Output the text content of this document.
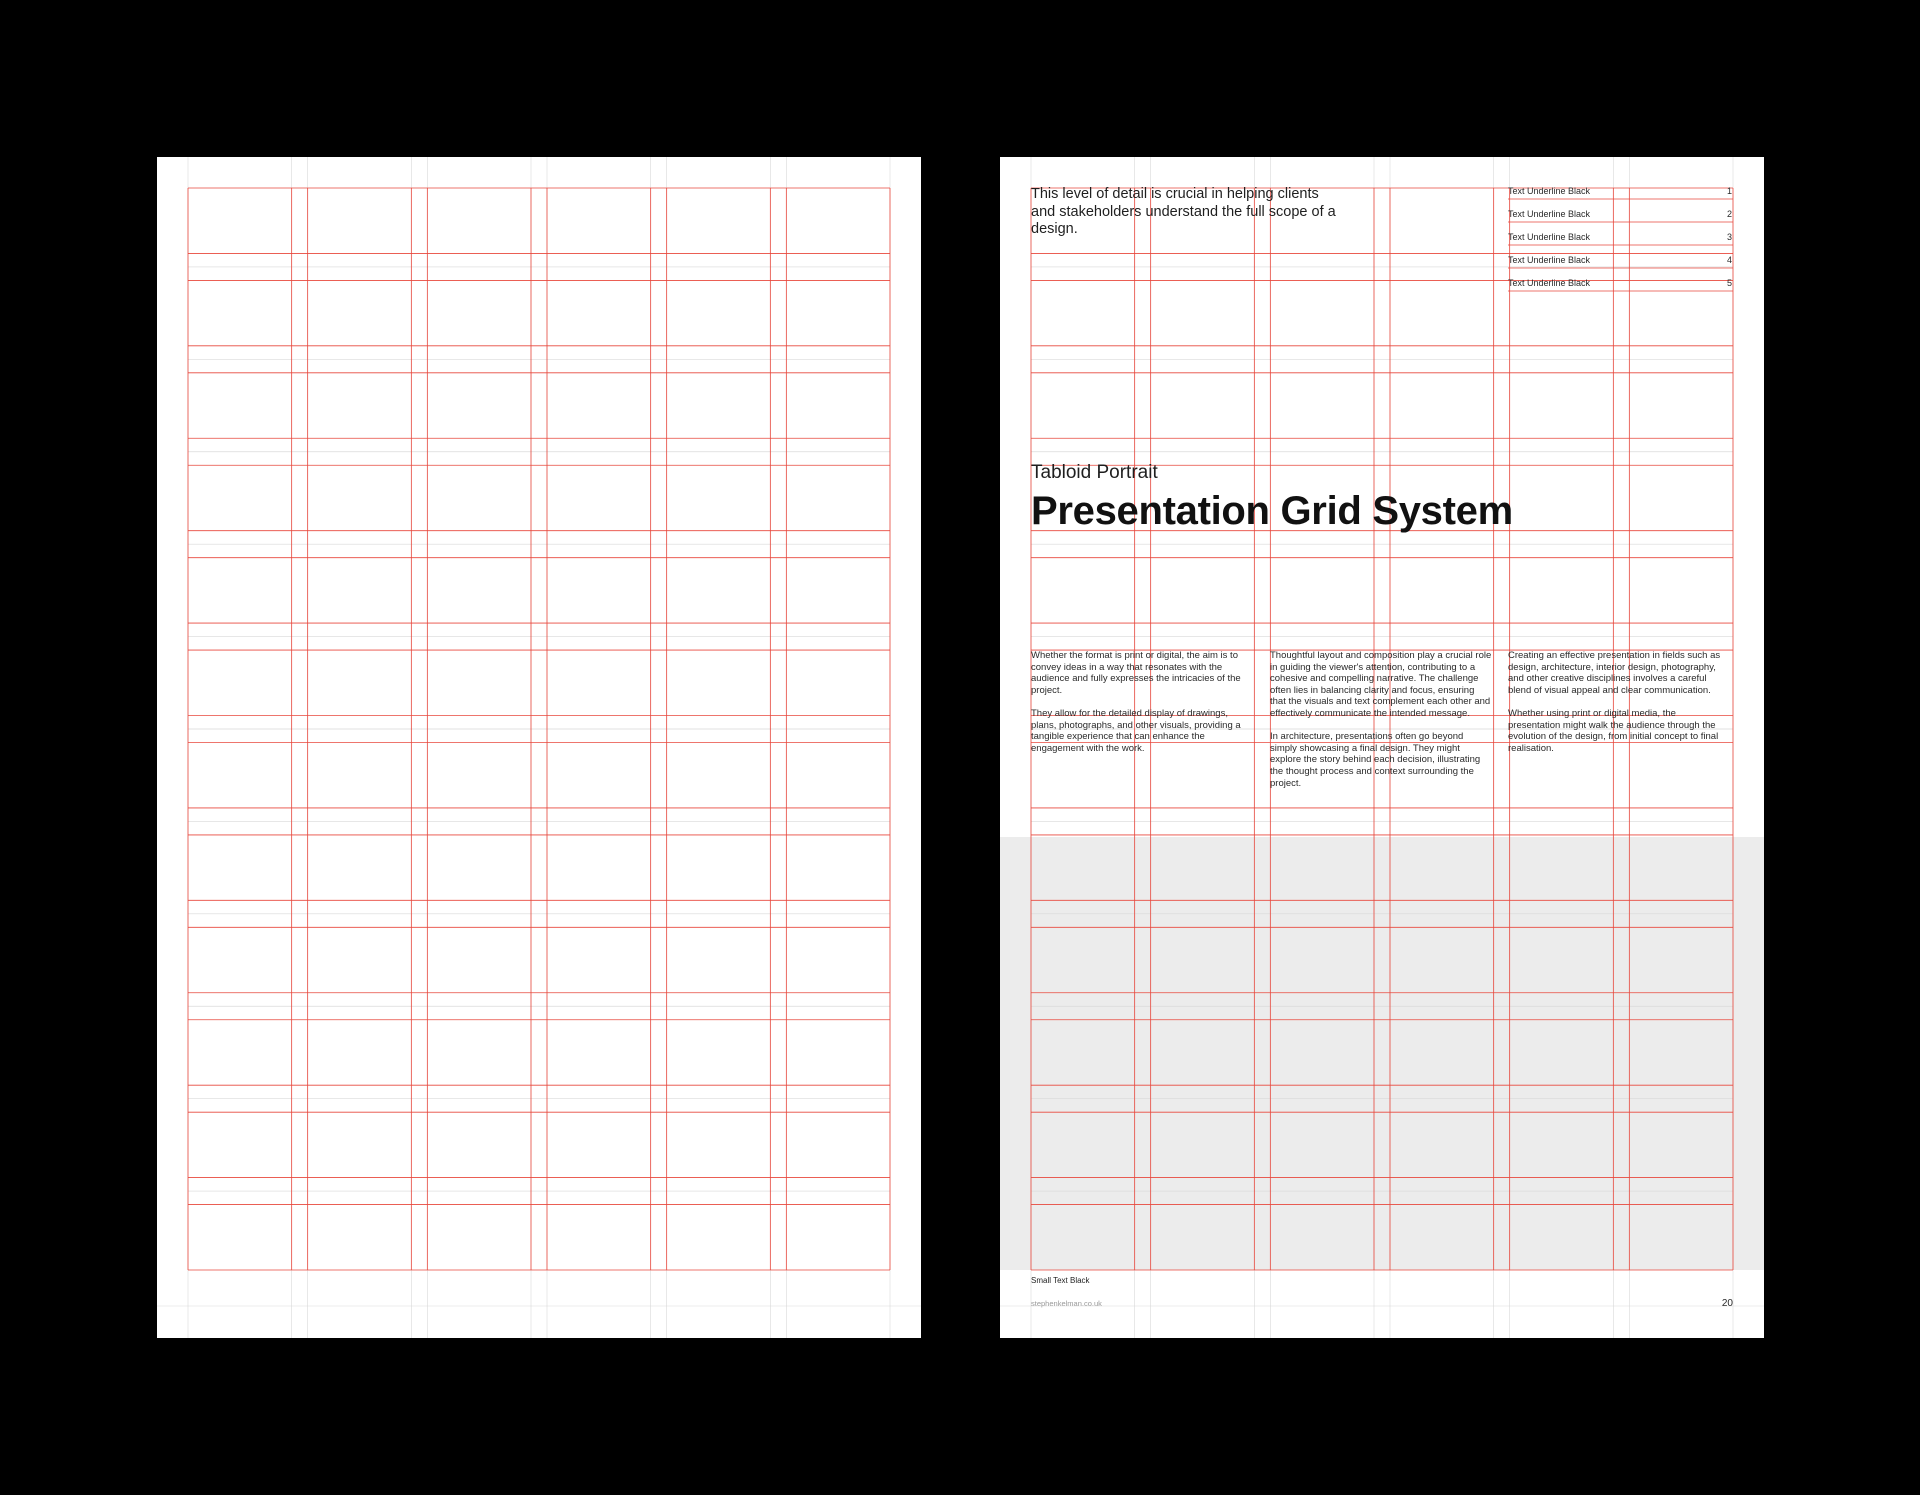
This level of detail is crucial in helping clients and stakeholders understand the full scope of a design.

Text Underline Black	1
Text Underline Black	2
Text Underline Black	3
Text Underline Black	4
Text Underline Black	5

Tabloid Portrait

Presentation Grid System

Whether the format is print or digital, the aim is to convey ideas in a way that resonates with the audience and fully expresses the intricacies of the project.

They allow for the detailed display of drawings, plans, photographs, and other visuals, providing a tangible experience that can enhance the engagement with the work.

Thoughtful layout and composition play a crucial role in guiding the viewer's attention, contributing to a cohesive and compelling narrative. The challenge often lies in balancing clarity and focus, ensuring that the visuals and text complement each other and effectively communicate the intended message.

In architecture, presentations often go beyond simply showcasing a final design. They might explore the story behind each decision, illustrating the thought process and context surrounding the project.

Creating an effective presentation in fields such as design, architecture, interior design, photography, and other creative disciplines involves a careful blend of visual appeal and clear communication.

Whether using print or digital media, the presentation might walk the audience through the evolution of the design, from initial concept to final realisation.

Small Text Black

stephenkelman.co.uk	20
